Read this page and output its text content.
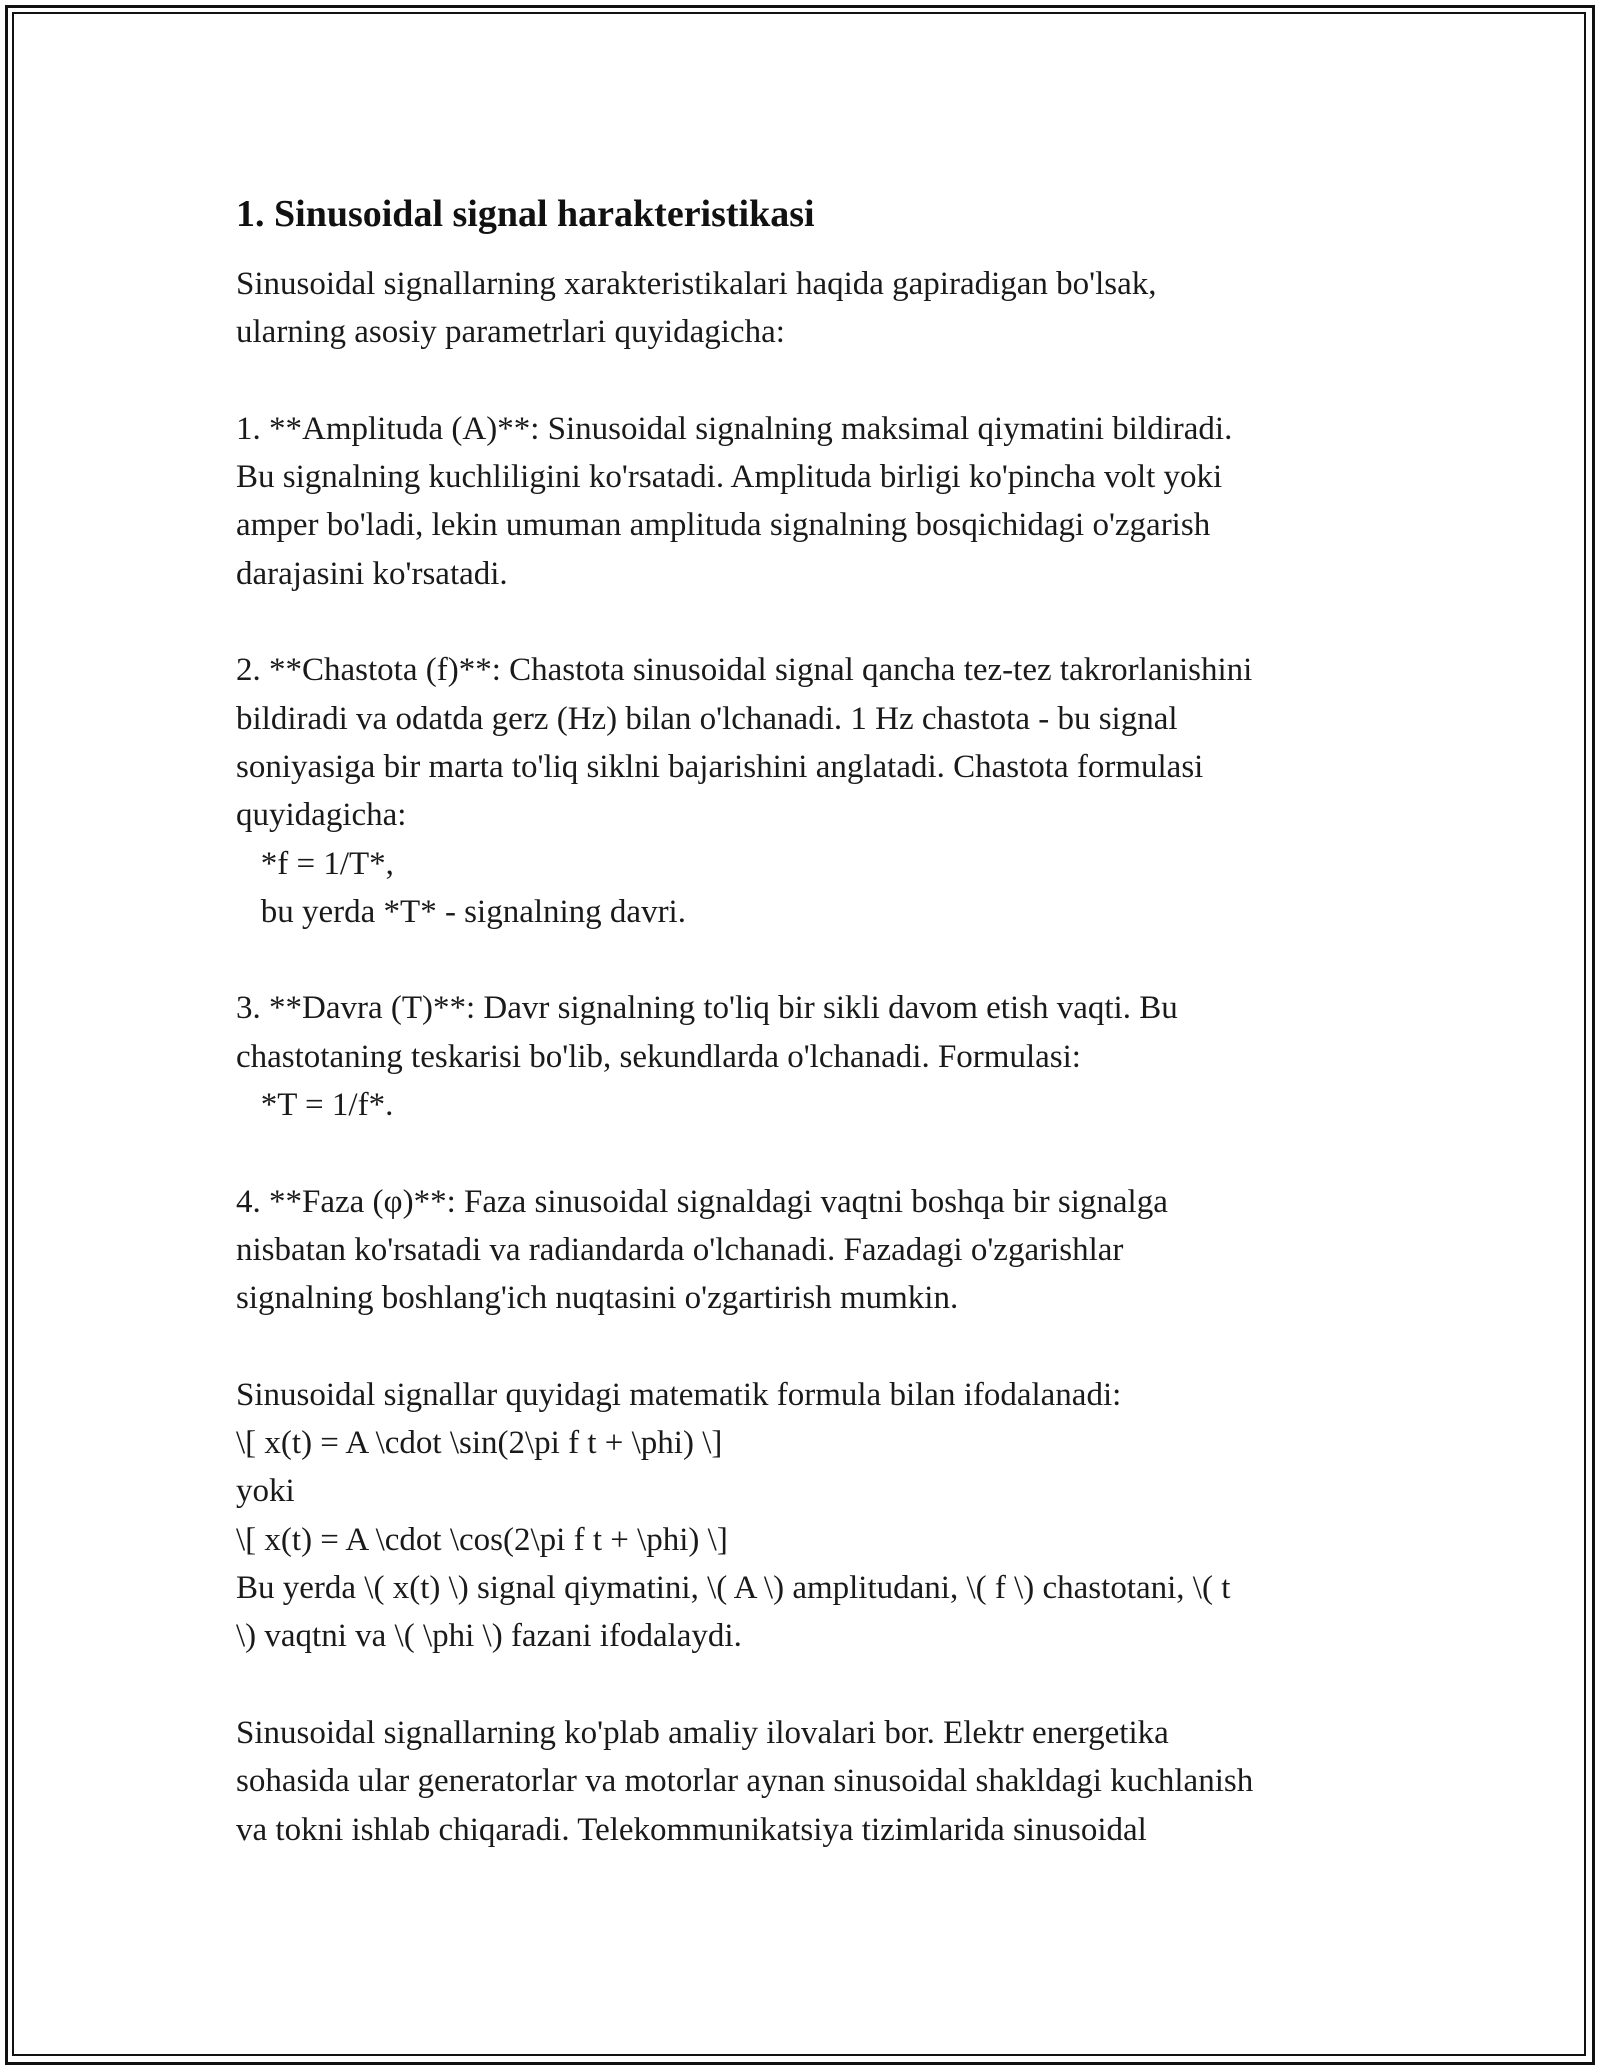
1. Sinusoidal signal harakteristikasi
Sinusoidal signallarning xarakteristikalari haqida gapiradigan bo'lsak,
ularning asosiy parametrlari quyidagicha:
1. **Amplituda (A)**: Sinusoidal signalning maksimal qiymatini bildiradi.
Bu signalning kuchliligini ko'rsatadi. Amplituda birligi ko'pincha volt yoki
amper bo'ladi, lekin umuman amplituda signalning bosqichidagi o'zgarish
darajasini ko'rsatadi.
2. **Chastota (f)**: Chastota sinusoidal signal qancha tez-tez takrorlanishini
bildiradi va odatda gerz (Hz) bilan o'lchanadi. 1 Hz chastota - bu signal
soniyasiga bir marta to'liq siklni bajarishini anglatadi. Chastota formulasi
quyidagicha:
*f = 1/T*,
bu yerda *T* - signalning davri.
3. **Davra (T)**: Davr signalning to'liq bir sikli davom etish vaqti. Bu
chastotaning teskarisi bo'lib, sekundlarda o'lchanadi. Formulasi:
*T = 1/f*.
4. **Faza (φ)**: Faza sinusoidal signaldagi vaqtni boshqa bir signalga
nisbatan ko'rsatadi va radiandarda o'lchanadi. Fazadagi o'zgarishlar
signalning boshlang'ich nuqtasini o'zgartirish mumkin.
Sinusoidal signallar quyidagi matematik formula bilan ifodalanadi:
\[ x(t) = A \cdot \sin(2\pi f t + \phi) \]
yoki
\[ x(t) = A \cdot \cos(2\pi f t + \phi) \]
Bu yerda \( x(t) \) signal qiymatini, \( A \) amplitudani, \( f \) chastotani, \( t
\) vaqtni va \( \phi \) fazani ifodalaydi.
Sinusoidal signallarning ko'plab amaliy ilovalari bor. Elektr energetika
sohasida ular generatorlar va motorlar aynan sinusoidal shakldagi kuchlanish
va tokni ishlab chiqaradi. Telekommunikatsiya tizimlarida sinusoidal
